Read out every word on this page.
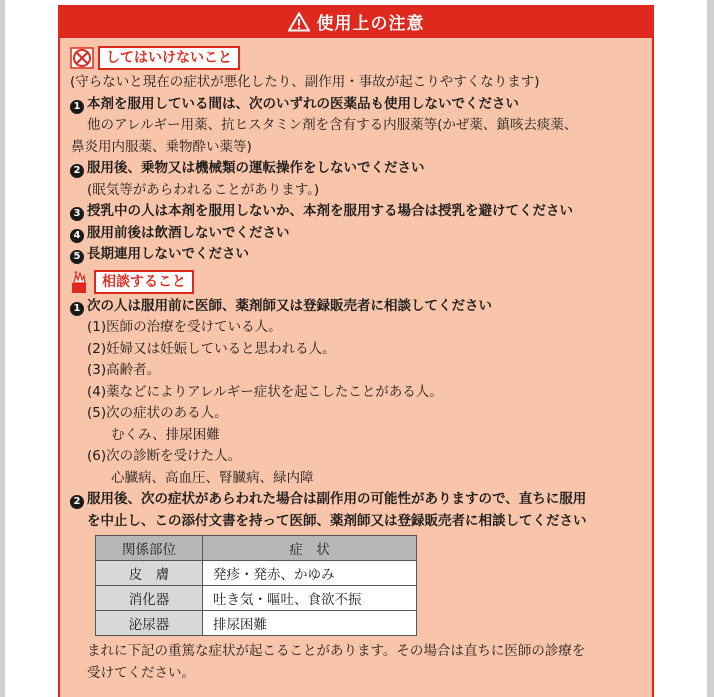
使用上の注意
してはいけないこと
(守らないと現在の症状が悪化したり、副作用・事故が起こりやすくなります)
1 本剤を服用している間は、次のいずれの医薬品も使用しないでください
他のアレルギー用薬、抗ヒスタミン剤を含有する内服薬等(かぜ薬、鎮咳去痰薬、
鼻炎用内服薬、乗物酔い薬等)
2 服用後、乗物又は機械類の運転操作をしないでください
(眠気等があらわれることがあります。)
3 授乳中の人は本剤を服用しないか、本剤を服用する場合は授乳を避けてください
4 服用前後は飲酒しないでください
5 長期連用しないでください
相談すること
1 次の人は服用前に医師、薬剤師又は登録販売者に相談してください
(1)医師の治療を受けている人。
(2)妊婦又は妊娠していると思われる人。
(3)高齢者。
(4)薬などによりアレルギー症状を起こしたことがある人。
(5)次の症状のある人。
むくみ、排尿困難
(6)次の診断を受けた人。
心臓病、高血圧、腎臓病、緑内障
2 服用後、次の症状があらわれた場合は副作用の可能性がありますので、直ちに服用
を中止し、この添付文書を持って医師、薬剤師又は登録販売者に相談してください
関係部位	症　状
皮　膚	発疹・発赤、かゆみ
消化器	吐き気・嘔吐、食欲不振
泌尿器	排尿困難
まれに下記の重篤な症状が起こることがあります。その場合は直ちに医師の診療を
受けてください。
